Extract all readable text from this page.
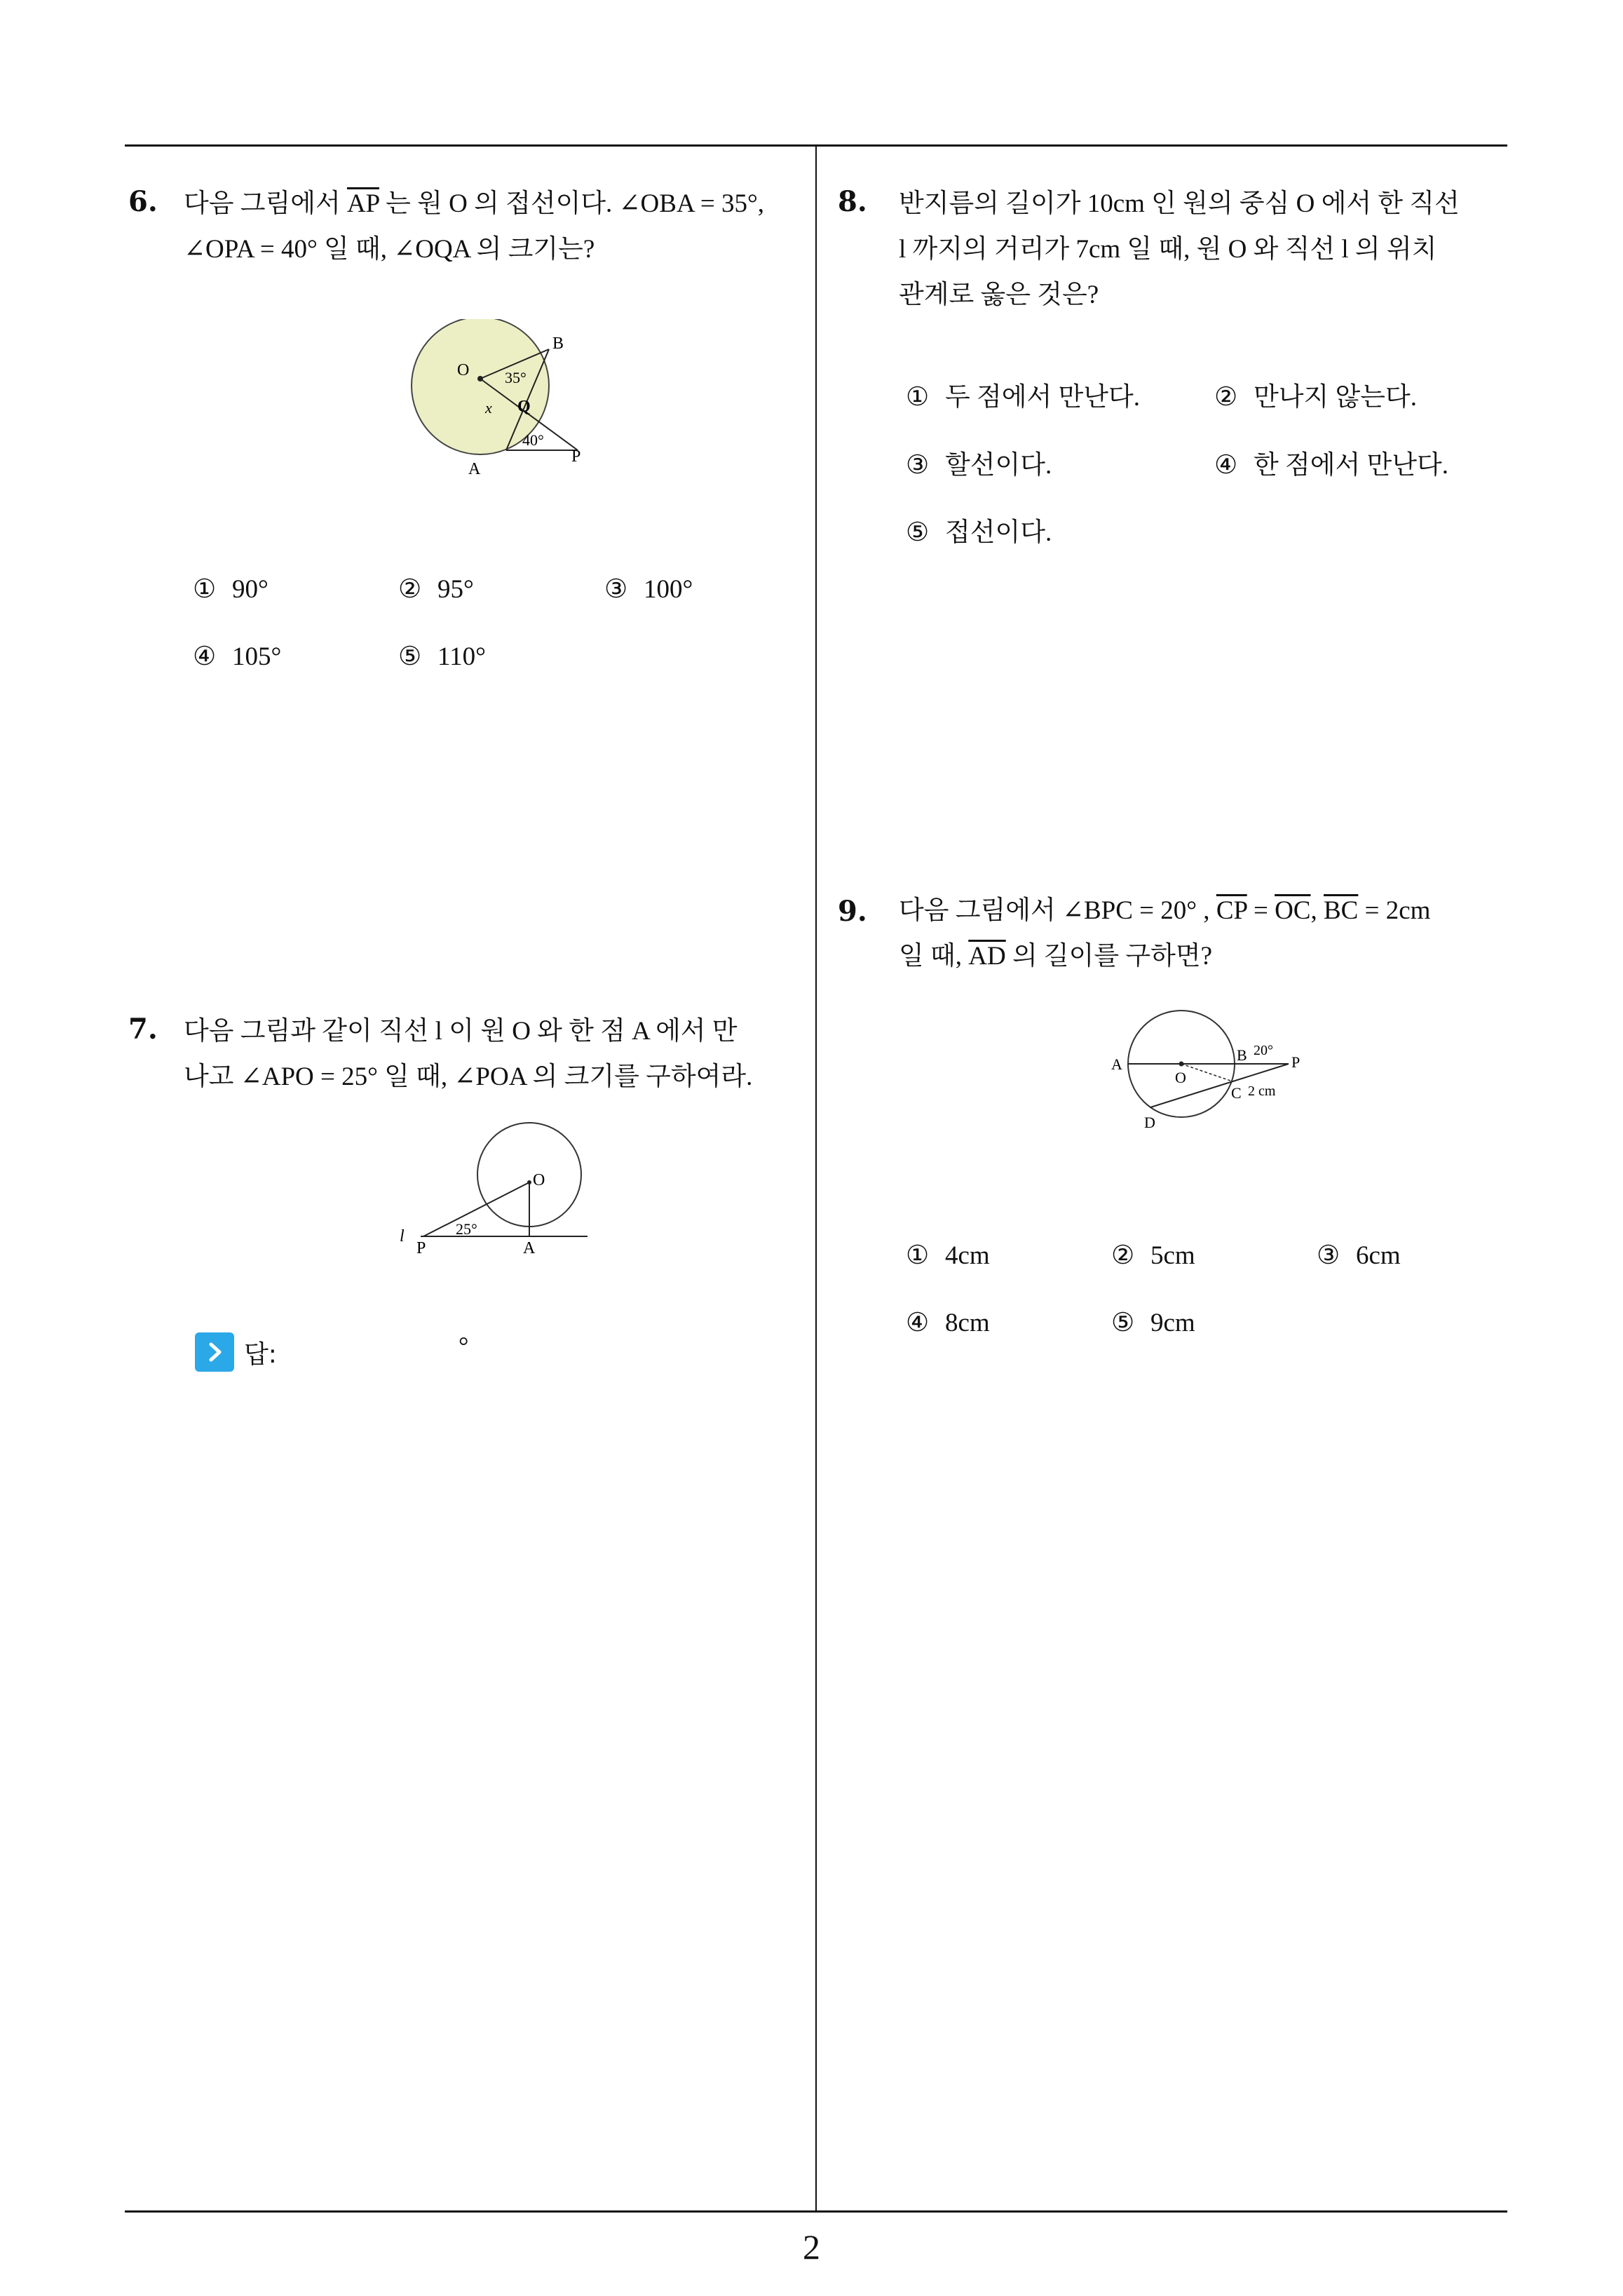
6. 다음 그림에서 $\overline{AP}$ 는 원 O 의 접선이다. ∠OBA = 35°,
∠OPA = 40° 일 때, ∠OQA 의 크기는?
O
B
35°
Q
x
40°
A
P
① 90°	② 95°	③ 100°
④ 105°	⑤ 110°
7. 다음 그림과 같이 직선 l 이 원 O 와 한 점 A 에서 만
나고 ∠APO = 25° 일 때, ∠POA 의 크기를 구하여라.
O
25°
l
P	A
답:	°
8. 반지름의 길이가 10cm 인 원의 중심 O 에서 한 직선
l 까지의 거리가 7cm 일 때, 원 O 와 직선 l 의 위치
관계로 옳은 것은?
① 두 점에서 만난다.	② 만나지 않는다.
③ 할선이다.	④ 한 점에서 만난다.
⑤ 접선이다.
9. 다음 그림에서 ∠BPC = 20° , $\overline{CP} = \overline{OC}$, $\overline{BC} = 2cm$
일 때, $\overline{AD}$ 의 길이를 구하면?
A
O
B 20°
P
C 2 cm
D
① 4cm	② 5cm	③ 6cm
④ 8cm	⑤ 9cm
2
